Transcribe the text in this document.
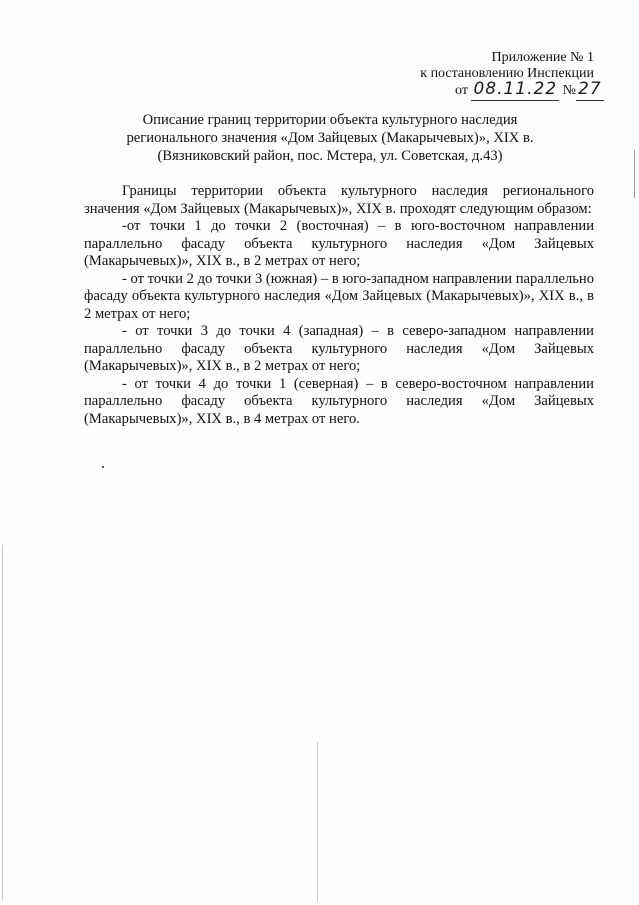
Приложение № 1
к постановлению Инспекции
от 08.11.22 № 27
Описание границ территории объекта культурного наследия
регионального значения «Дом Зайцевых (Макарычевых)», XIX в.
(Вязниковский район, пос. Мстера, ул. Советская, д.43)

Границы территории объекта культурного наследия регионального значения «Дом Зайцевых (Макарычевых)», XIX в. проходят следующим образом:

-от точки 1 до точки 2 (восточная) – в юго-восточном направлении параллельно фасаду объекта культурного наследия «Дом Зайцевых (Макарычевых)», XIX в., в 2 метрах от него;

- от точки 2 до точки 3 (южная) – в юго-западном направлении параллельно фасаду объекта культурного наследия «Дом Зайцевых (Макарычевых)», XIX в., в 2 метрах от него;

- от точки 3 до точки 4 (западная) – в северо-западном направлении параллельно фасаду объекта культурного наследия «Дом Зайцевых (Макарычевых)», XIX в., в 2 метрах от него;

- от точки 4 до точки 1 (северная) – в северо-восточном направлении параллельно фасаду объекта культурного наследия «Дом Зайцевых (Макарычевых)», XIX в., в 4 метрах от него.
